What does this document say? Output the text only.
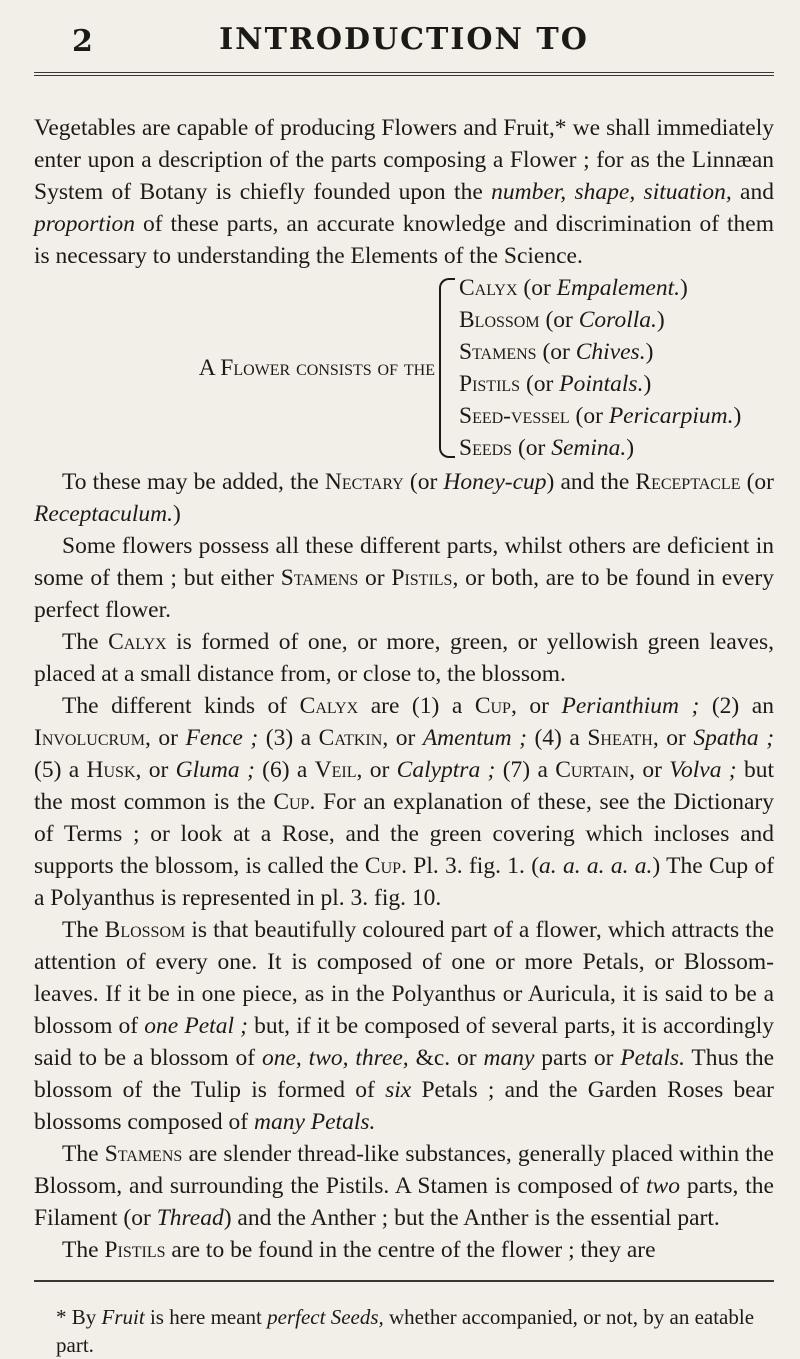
2	INTRODUCTION TO

Vegetables are capable of producing Flowers and Fruit,* we shall immediately enter upon a description of the parts composing a Flower ; for as the Linnæan System of Botany is chiefly founded upon the number, shape, situation, and proportion of these parts, an accurate knowledge and discrimination of them is necessary to understanding the Elements of the Science.

A Flower consists of the
Calyx (or Empalement.)
Blossom (or Corolla.)
Stamens (or Chives.)
Pistils (or Pointals.)
Seed-vessel (or Pericarpium.)
Seeds (or Semina.)

To these may be added, the Nectary (or Honey-cup) and the Receptacle (or Receptaculum.)

Some flowers possess all these different parts, whilst others are deficient in some of them ; but either Stamens or Pistils, or both, are to be found in every perfect flower.

The Calyx is formed of one, or more, green, or yellowish green leaves, placed at a small distance from, or close to, the blossom.

The different kinds of Calyx are (1) a Cup, or Perianthium ; (2) an Involucrum, or Fence ; (3) a Catkin, or Amentum ; (4) a Sheath, or Spatha ; (5) a Husk, or Gluma ; (6) a Veil, or Calyptra ; (7) a Curtain, or Volva ; but the most common is the Cup. For an explanation of these, see the Dictionary of Terms ; or look at a Rose, and the green covering which incloses and supports the blossom, is called the Cup. Pl. 3. fig. 1. (a. a. a. a. a.) The Cup of a Polyanthus is represented in pl. 3. fig. 10.

The Blossom is that beautifully coloured part of a flower, which attracts the attention of every one. It is composed of one or more Petals, or Blossom-leaves. If it be in one piece, as in the Polyanthus or Auricula, it is said to be a blossom of one Petal ; but, if it be composed of several parts, it is accordingly said to be a blossom of one, two, three, &c. or many parts or Petals. Thus the blossom of the Tulip is formed of six Petals ; and the Garden Roses bear blossoms composed of many Petals.

The Stamens are slender thread-like substances, generally placed within the Blossom, and surrounding the Pistils. A Stamen is composed of two parts, the Filament (or Thread) and the Anther ; but the Anther is the essential part.

The Pistils are to be found in the centre of the flower ; they are

* By Fruit is here meant perfect Seeds, whether accompanied, or not, by an eatable part.
